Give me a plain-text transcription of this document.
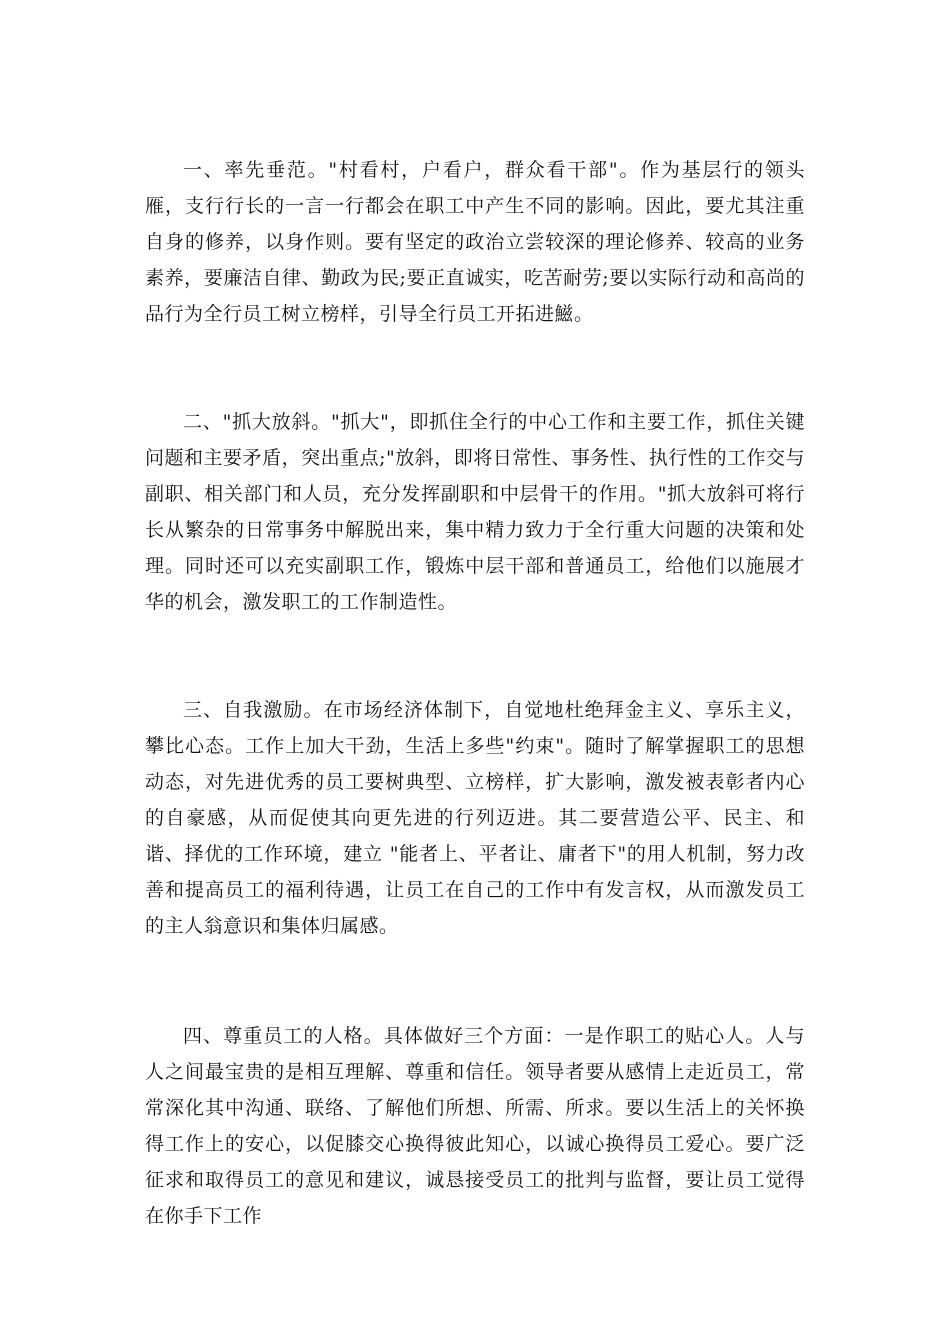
一、率先垂范。"村看村，户看户，群众看干部"。作为基层行的领头雁，支行行长的一言一行都会在职工中产生不同的影响。因此，要尤其注重自身的修养，以身作则。要有坚定的政治立尝较深的理论修养、较高的业务素养，要廉洁自律、勤政为民;要正直诚实，吃苦耐劳;要以实际行动和高尚的品行为全行员工树立榜样，引导全行员工开拓进鰦。

二、"抓大放斜。"抓大"，即抓住全行的中心工作和主要工作，抓住关键问题和主要矛盾，突出重点;"放斜，即将日常性、事务性、执行性的工作交与副职、相关部门和人员，充分发挥副职和中层骨干的作用。"抓大放斜可将行长从繁杂的日常事务中解脱出来，集中精力致力于全行重大问题的决策和处理。同时还可以充实副职工作，锻炼中层干部和普通员工，给他们以施展才华的机会，激发职工的工作制造性。

三、自我激励。在市场经济体制下，自觉地杜绝拜金主义、享乐主义，攀比心态。工作上加大干劲，生活上多些"约束"。随时了解掌握职工的思想动态，对先进优秀的员工要树典型、立榜样，扩大影响，激发被表彰者内心的自豪感，从而促使其向更先进的行列迈进。其二要营造公平、民主、和谐、择优的工作环境，建立 "能者上、平者让、庸者下"的用人机制，努力改善和提高员工的福利待遇，让员工在自己的工作中有发言权，从而激发员工的主人翁意识和集体归属感。

四、尊重员工的人格。具体做好三个方面：一是作职工的贴心人。人与人之间最宝贵的是相互理解、尊重和信任。领导者要从感情上走近员工，常常深化其中沟通、联络、了解他们所想、所需、所求。要以生活上的关怀换得工作上的安心，以促膝交心换得彼此知心，以诚心换得员工爱心。要广泛征求和取得员工的意见和建议，诚恳接受员工的批判与监督，要让员工觉得在你手下工作
